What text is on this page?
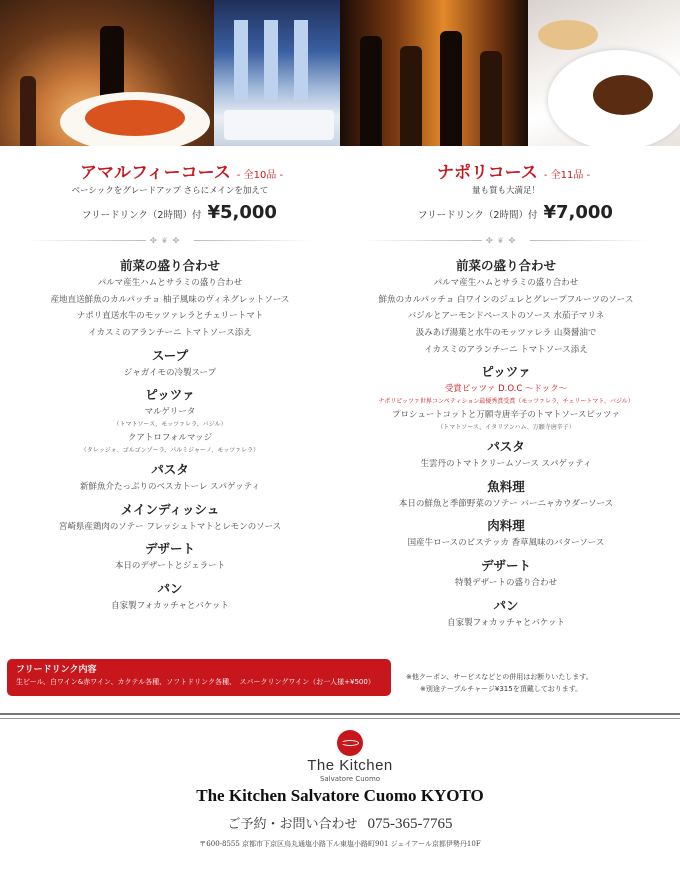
アマルフィーコース - 全10品 -
ベーシックをグレードアップ さらにメインを加えて
フリードリンク（2時間）付 ¥5,000
✤ ❦ ✤
ナポリコース - 全11品 -
量も質も大満足！
フリードリンク（2時間）付 ¥7,000
✤ ❦ ✤
前菜の盛り合わせ
パルマ産生ハムとサラミの盛り合わせ
産地直送鮮魚のカルパッチョ 柚子風味のヴィネグレットソース
ナポリ直送水牛のモッツァレラとチェリートマト
イカスミのアランチーニ トマトソース添え
スープ
ジャガイモの冷製スープ
ピッツァ
マルゲリータ
（トマトソース、モッツァレラ、バジル）
クアトロフォルマッジ
（タレッジォ、ゴルゴンゾーラ、パルミジャーノ、モッツァレラ）
パスタ
新鮮魚介たっぷりのペスカトーレ スパゲッティ
メインディッシュ
宮崎県産鶏肉のソテー フレッシュトマトとレモンのソース
デザート
本日のデザートとジェラート
パン
自家製フォカッチャとバケット
前菜の盛り合わせ
パルマ産生ハムとサラミの盛り合わせ
鮮魚のカルパッチョ 白ワインのジュレとグレープフルーツのソース
バジルとアーモンドペーストのソース 水茄子マリネ
汲みあげ湯葉と水牛のモッツァレラ 山葵醤油で
イカスミのアランチーニ トマトソース添え
ピッツァ
受賞ピッツァ D.O.C ～ドック～
ナポリピッツァ世界コンペティション最優秀賞受賞（モッツァレラ、チェリートマト、バジル）
プロシュートコットと万願寺唐辛子のトマトソースピッツァ
（トマトソース、イタリアンハム、万願寺唐辛子）
パスタ
生雲丹のトマトクリームソース スパゲッティ
魚料理
本日の鮮魚と季節野菜のソテー バーニャカウダーソース
肉料理
国産牛ロースのビステッカ 香草風味のバターソース
デザート
特製デザートの盛り合わせ
パン
自家製フォカッチャとバケット
フリードリンク内容
生ビール、白ワイン&赤ワイン、カクテル各種、ソフトドリンク各種、　スパークリングワイン（お一人様+¥500）
※他クーポン、サービスなどとの併用はお断りいたします。
※別途テーブルチャージ¥315を頂戴しております。
The Kitchen
Salvatore Cuomo
The Kitchen Salvatore Cuomo KYOTO
ご予約・お問い合わせ 075-365-7765
〒600-8555 京都市下京区烏丸通塩小路下ル東塩小路町901 ジェイアール京都伊勢丹10F
